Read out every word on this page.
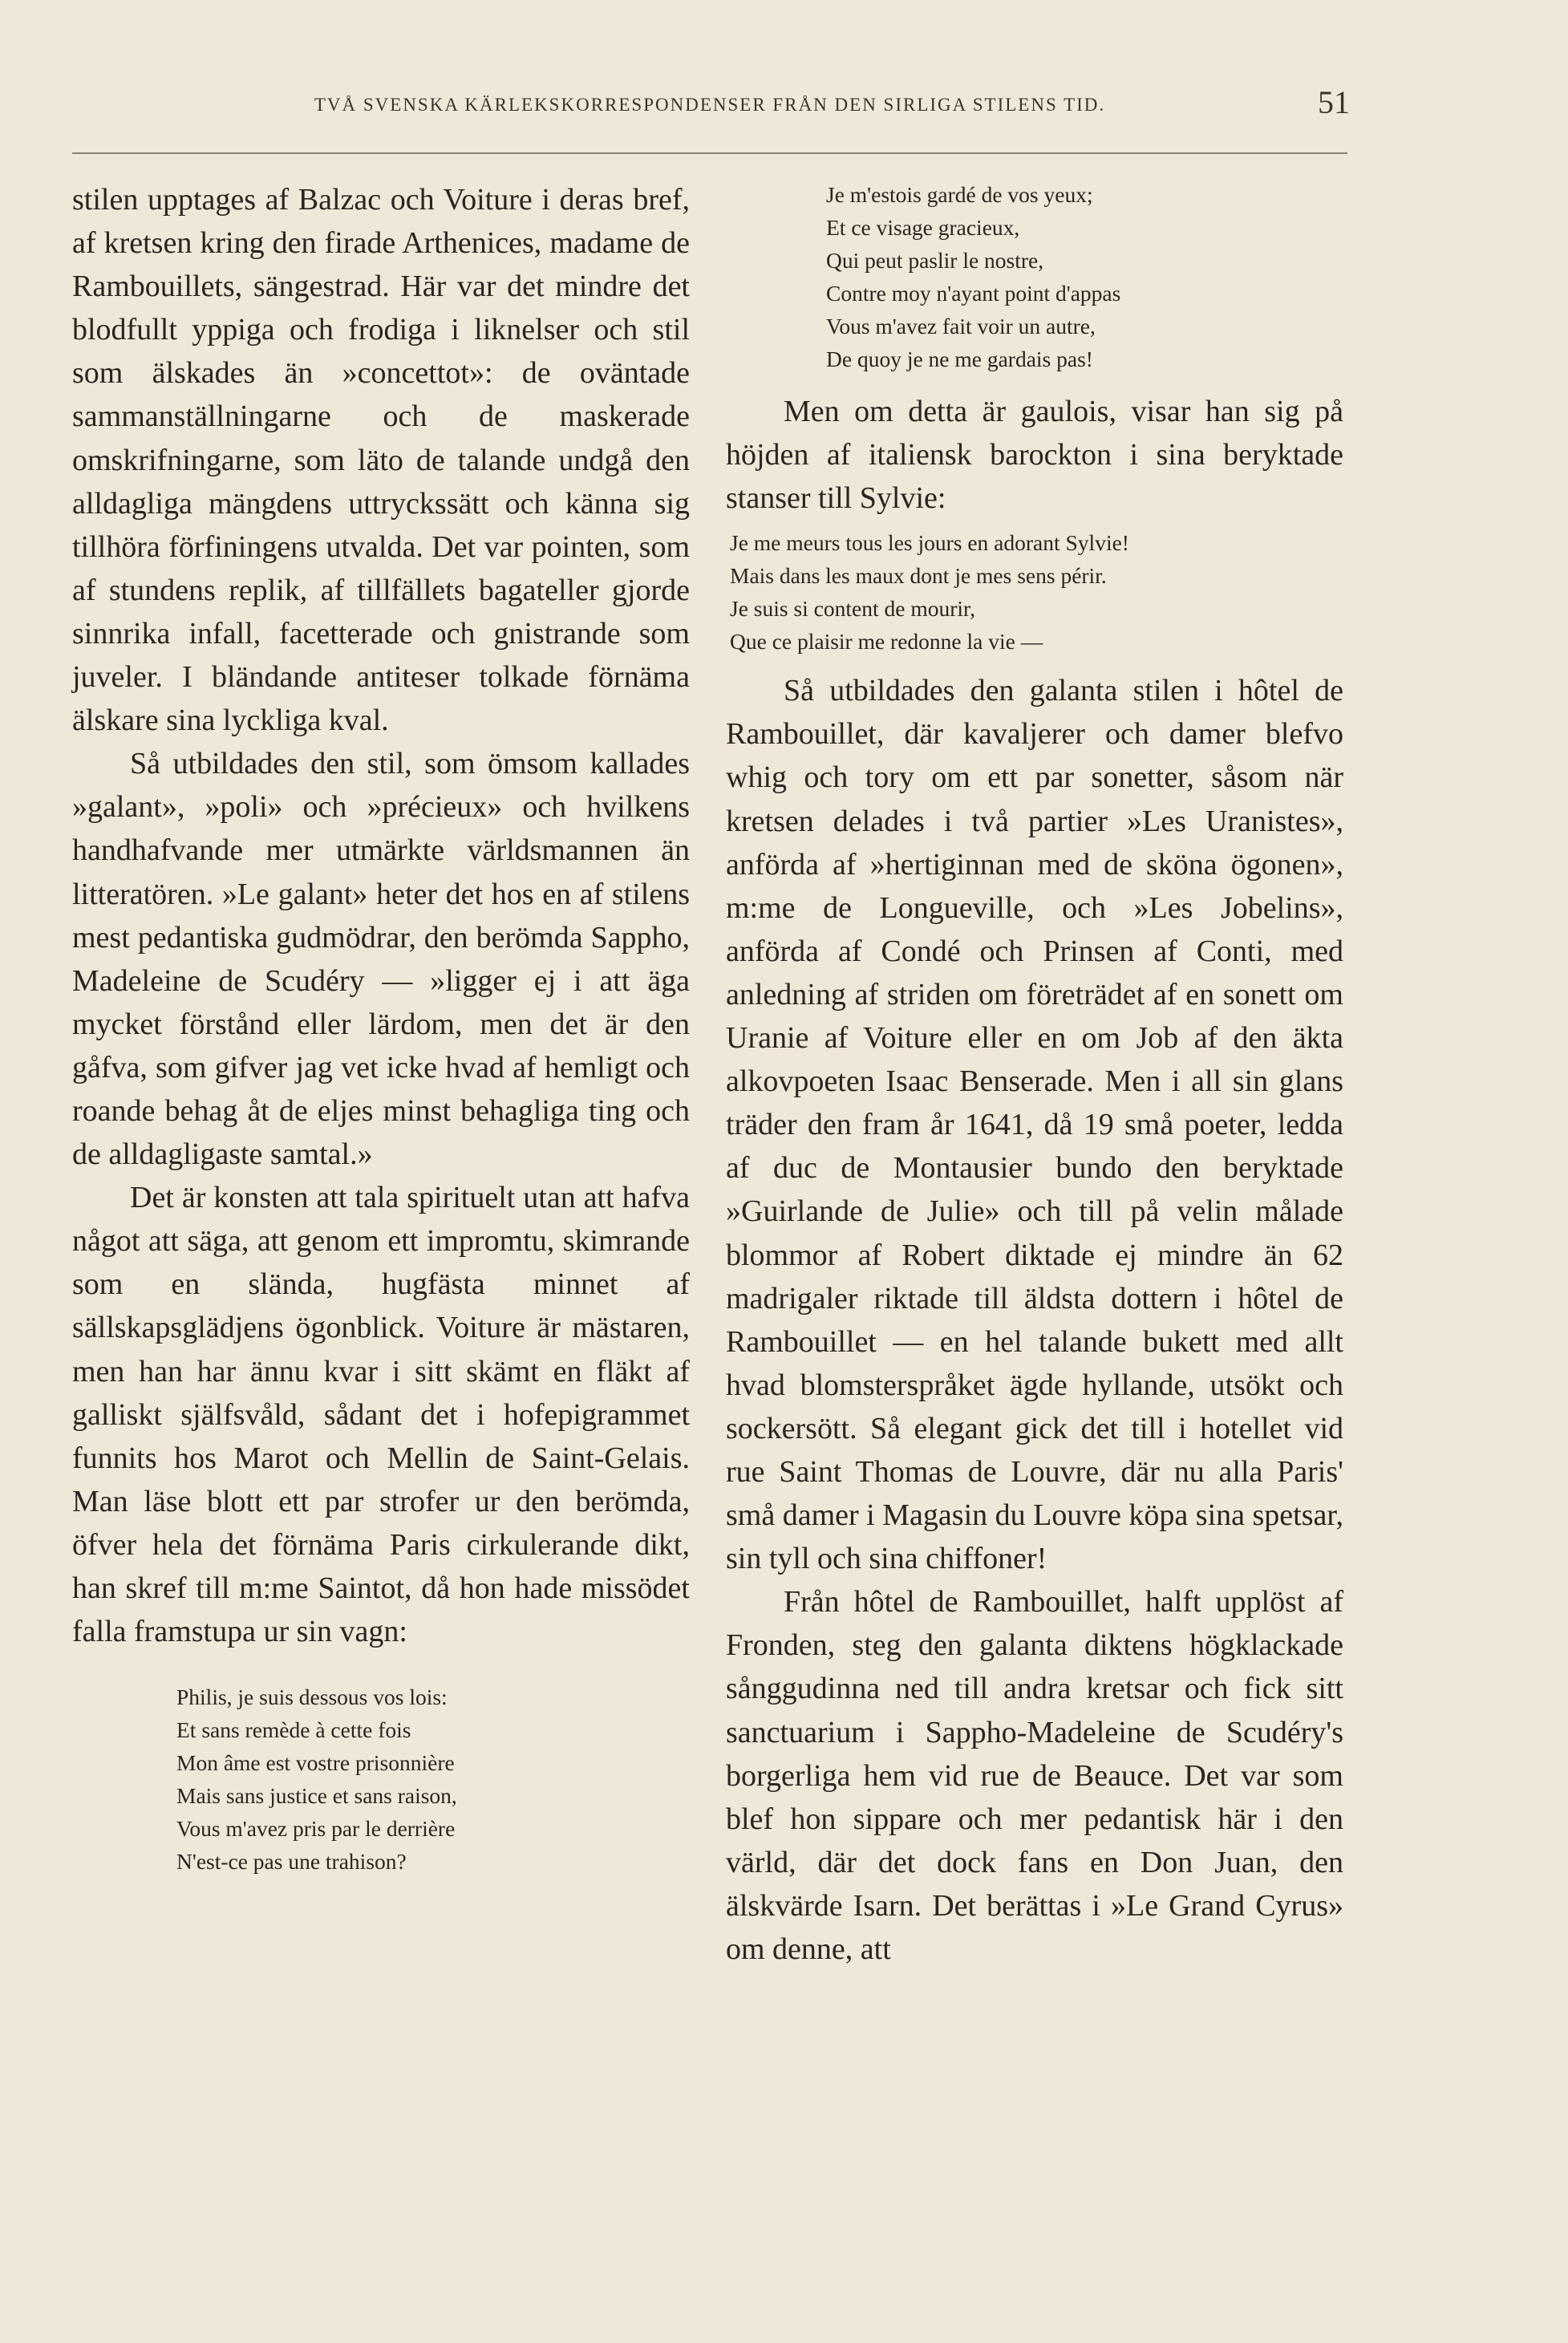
TVÅ SVENSKA KÄRLEKSKORRESPONDENSER FRÅN DEN SIRLIGA STILENS TID.	51

stilen upptages af Balzac och Voiture i deras bref, af kretsen kring den firade Arthenices, madame de Rambouillets, sängestrad. Här var det mindre det blodfullt yppiga och frodiga i liknelser och stil som älskades än »concettot»: de oväntade sammanställningarne och de maskerade omskrifningarne, som läto de talande undgå den alldagliga mängdens uttryckssätt och känna sig tillhöra förfiningens utvalda. Det var pointen, som af stundens replik, af tillfällets bagateller gjorde sinnrika infall, facetterade och gnistrande som juveler. I bländande antiteser tolkade förnäma älskare sina lyckliga kval.

Så utbildades den stil, som ömsom kallades »galant», »poli» och »précieux» och hvilkens handhafvande mer utmärkte världsmannen än litteratören. »Le galant» heter det hos en af stilens mest pedantiska gudmödrar, den berömda Sappho, Madeleine de Scudéry — »ligger ej i att äga mycket förstånd eller lärdom, men det är den gåfva, som gifver jag vet icke hvad af hemligt och roande behag åt de eljes minst behagliga ting och de alldagligaste samtal.»

Det är konsten att tala spirituelt utan att hafva något att säga, att genom ett impromtu, skimrande som en slända, hugfästa minnet af sällskapsglädjens ögonblick. Voiture är mästaren, men han har ännu kvar i sitt skämt en fläkt af galliskt själfsvåld, sådant det i hofepigrammet funnits hos Marot och Mellin de Saint-Gelais. Man läse blott ett par strofer ur den berömda, öfver hela det förnäma Paris cirkulerande dikt, han skref till m:me Saintot, då hon hade missödet falla framstupa ur sin vagn:

Philis, je suis dessous vos lois:
Et sans remède à cette fois
Mon âme est vostre prisonnière
Mais sans justice et sans raison,
Vous m'avez pris par le derrière
N'est-ce pas une trahison?
Je m'estois gardé de vos yeux;
Et ce visage gracieux,
Qui peut paslir le nostre,
Contre moy n'ayant point d'appas
Vous m'avez fait voir un autre,
De quoy je ne me gardais pas!

Men om detta är gaulois, visar han sig på höjden af italiensk barockton i sina beryktade stanser till Sylvie:

Je me meurs tous les jours en adorant Sylvie!
Mais dans les maux dont je mes sens périr.
Je suis si content de mourir,
Que ce plaisir me redonne la vie —

Så utbildades den galanta stilen i hôtel de Rambouillet, där kavaljerer och damer blefvo whig och tory om ett par sonetter, såsom när kretsen delades i två partier »Les Uranistes», anförda af »hertiginnan med de sköna ögonen», m:me de Longueville, och »Les Jobelins», anförda af Condé och Prinsen af Conti, med anledning af striden om företrädet af en sonett om Uranie af Voiture eller en om Job af den äkta alkovpoeten Isaac Benserade. Men i all sin glans träder den fram år 1641, då 19 små poeter, ledda af duc de Montausier bundo den beryktade »Guirlande de Julie» och till på velin målade blommor af Robert diktade ej mindre än 62 madrigaler riktade till äldsta dottern i hôtel de Rambouillet — en hel talande bukett med allt hvad blomsterspråket ägde hyllande, utsökt och sockersött. Så elegant gick det till i hotellet vid rue Saint Thomas de Louvre, där nu alla Paris' små damer i Magasin du Louvre köpa sina spetsar, sin tyll och sina chiffoner!

Från hôtel de Rambouillet, halft upplöst af Fronden, steg den galanta diktens högklackade sånggudinna ned till andra kretsar och fick sitt sanctuarium i Sappho-Madeleine de Scudéry's borgerliga hem vid rue de Beauce. Det var som blef hon sippare och mer pedantisk här i den värld, där det dock fans en Don Juan, den älskvärde Isarn. Det berättas i »Le Grand Cyrus» om denne, att
